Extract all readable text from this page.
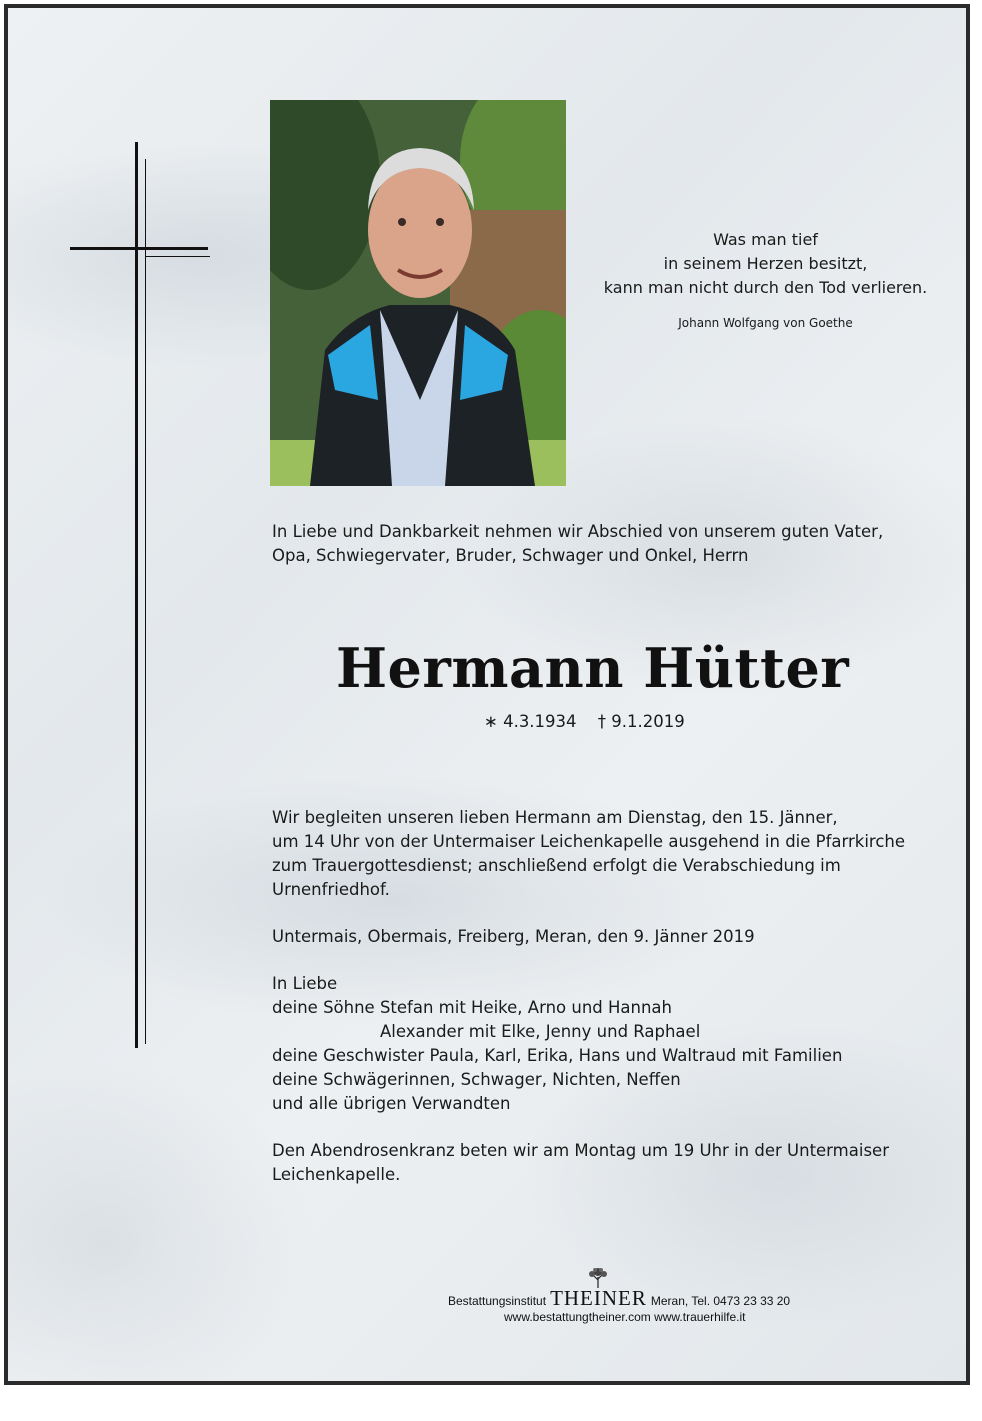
Was man tief
in seinem Herzen besitzt,
kann man nicht durch den Tod verlieren.
Johann Wolfgang von Goethe
In Liebe und Dankbarkeit nehmen wir Abschied von unserem guten Vater,
Opa, Schwiegervater, Bruder, Schwager und Onkel, Herrn
Hermann Hütter
∗ 4.3.1934 † 9.1.2019
Wir begleiten unseren lieben Hermann am Dienstag, den 15. Jänner,
um 14 Uhr von der Untermaiser Leichenkapelle ausgehend in die Pfarrkirche
zum Trauergottesdienst; anschließend erfolgt die Verabschiedung im
Urnenfriedhof.
Untermais, Obermais, Freiberg, Meran, den 9. Jänner 2019
In Liebe
deine Söhne Stefan mit Heike, Arno und Hannah
Alexander mit Elke, Jenny und Raphael
deine Geschwister Paula, Karl, Erika, Hans und Waltraud mit Familien
deine Schwägerinnen, Schwager, Nichten, Neffen
und alle übrigen Verwandten
Den Abendrosenkranz beten wir am Montag um 19 Uhr in der Untermaiser
Leichenkapelle.
Bestattungsinstitut THEINER Meran, Tel. 0473 23 33 20
www.bestattungtheiner.com www.trauerhilfe.it
